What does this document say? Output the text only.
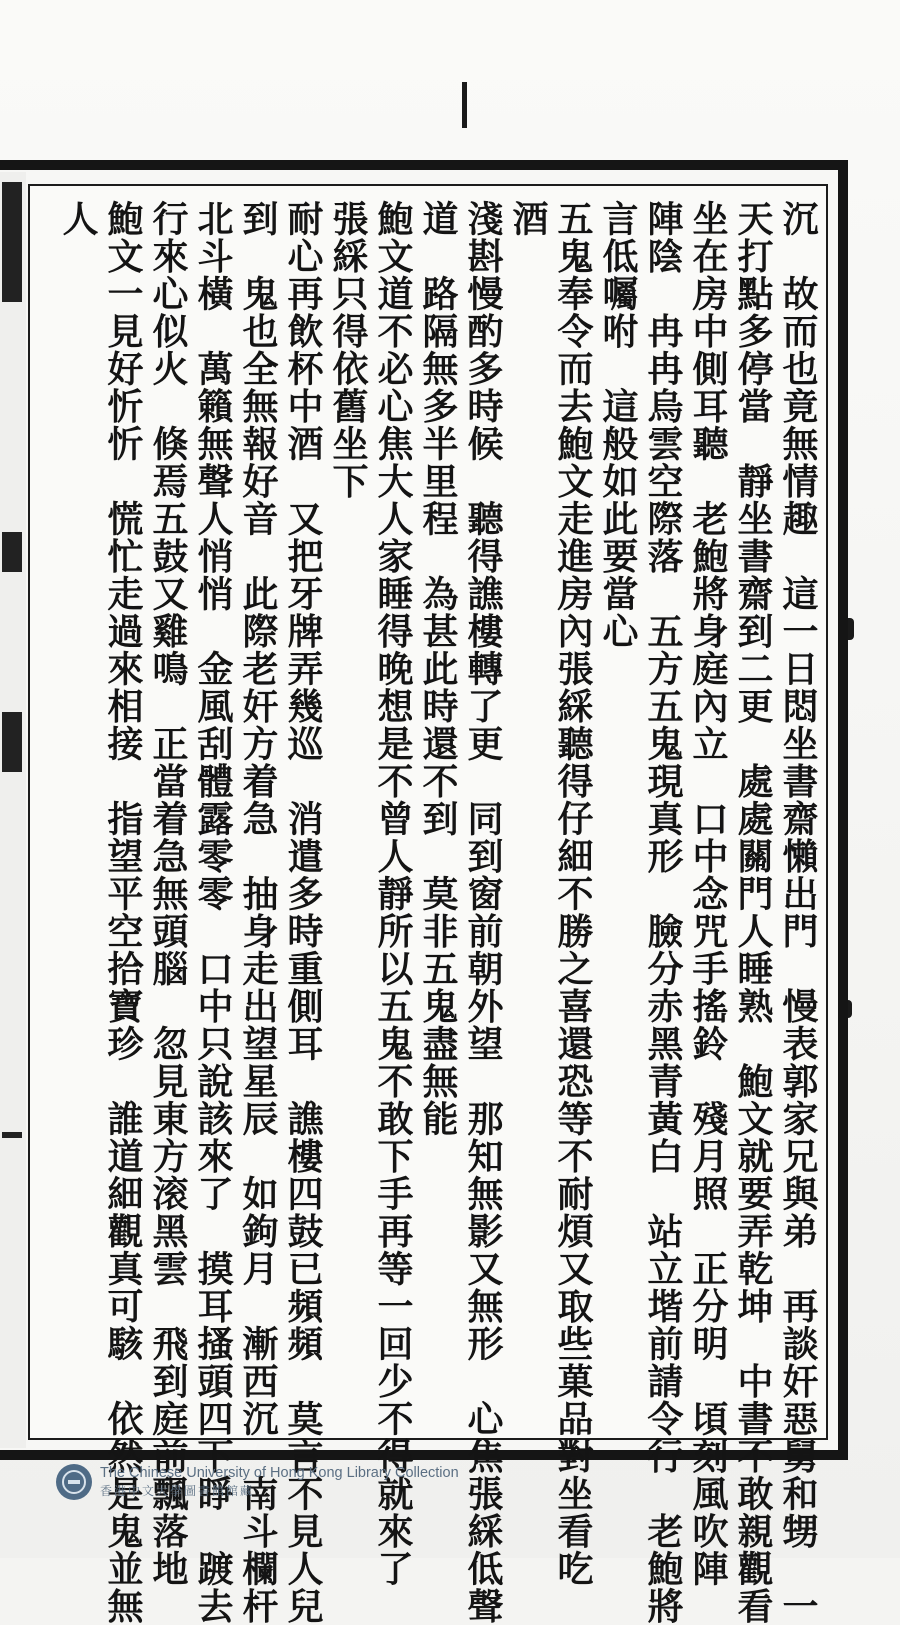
沉　故而也竟無情趣　這一日悶坐書齋懶出門　慢表郭家兄與弟　再談奸惡舅和甥　一
天打點多停當　靜坐書齋到二更　處處關門人睡熟　鮑文就要弄乾坤　中書不敢親觀看
坐在房中側耳聽　老鮑將身庭內立　口中念咒手搖鈴　殘月照　正分明　頃刻風吹陣
陣陰　冉冉烏雲空際落　五方五鬼現真形　臉分赤黑青黃白　站立堦前請令行　老鮑將
言低囑咐　這般如此要當心
五鬼奉令而去鮑文走進房內張綵聽得仔細不勝之喜還恐等不耐煩又取些菓品對坐看吃
酒
淺斟慢酌多時候　聽得譙樓轉了更　同到窗前朝外望　那知無影又無形　心焦張綵低聲
道　路隔無多半里程　為甚此時還不到　莫非五鬼盡無能
鮑文道不必心焦大人家睡得晚想是不曾人靜所以五鬼不敢下手再等一回少不得就來了
張綵只得依舊坐下
耐心再飲杯中酒　又把牙牌弄幾巡　消遣多時重側耳　譙樓四鼓已頻頻　莫言不見人兒
到　鬼也全無報好音　此際老奸方着急　抽身走出望星辰　如鉤月　漸西沉　南斗欄杆
北斗橫　萬籟無聲人悄悄　金風刮體露零零　口中只說該來了　摸耳搔頭四下睜　踱去
行來心似火　倏焉五鼓又雞鳴　正當着急無頭腦　忽見東方滚黑雲　飛到庭前飄落地
鮑文一見好忻忻　慌忙走過來相接　指望平空拾寶珍　誰道細觀真可駭　依然是鬼並無
人
The Chinese University of Hong Kong Library Collection
香港中文大學圖書館館藏
